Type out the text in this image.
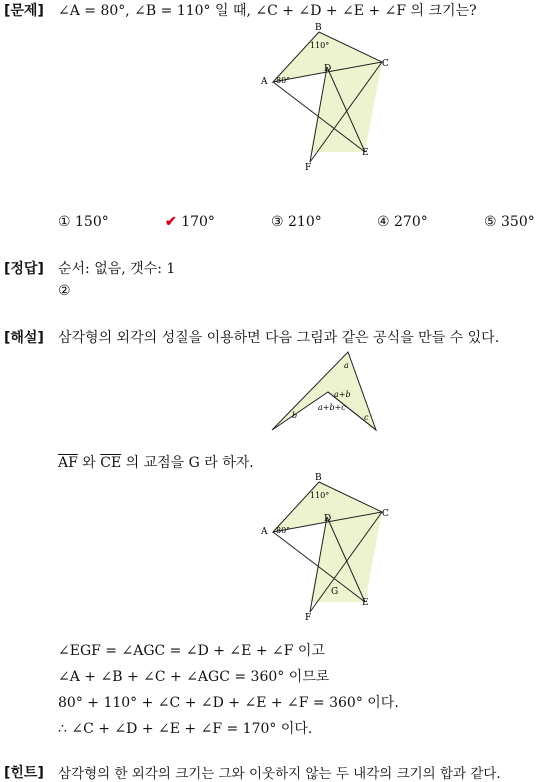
[문제] ∠A = 80°, ∠B = 110° 일 때, ∠C + ∠D + ∠E + ∠F 의 크기는?
B
110°
A 80°
C
D
E
F
① 150°	✔ 170°	③ 210°	④ 270°	⑤ 350°
[정답] 순서: 없음, 갯수: 1
②
[해설] 삼각형의 외각의 성질을 이용하면 다음 그림과 같은 공식을 만들 수 있다.
a
b	c
a+b
a+b+c
$\overline{AF}$ 와 $\overline{CE}$ 의 교점을 G 라 하자.
B
110°
A 80°
C
D
E
F
G
∠EGF = ∠AGC = ∠D + ∠E + ∠F 이고
∠A + ∠B + ∠C + ∠AGC = 360° 이므로
80° + 110° + ∠C + ∠D + ∠E + ∠F = 360° 이다.
∴ ∠C + ∠D + ∠E + ∠F = 170° 이다.
[힌트] 삼각형의 한 외각의 크기는 그와 이웃하지 않는 두 내각의 크기의 합과 같다.
